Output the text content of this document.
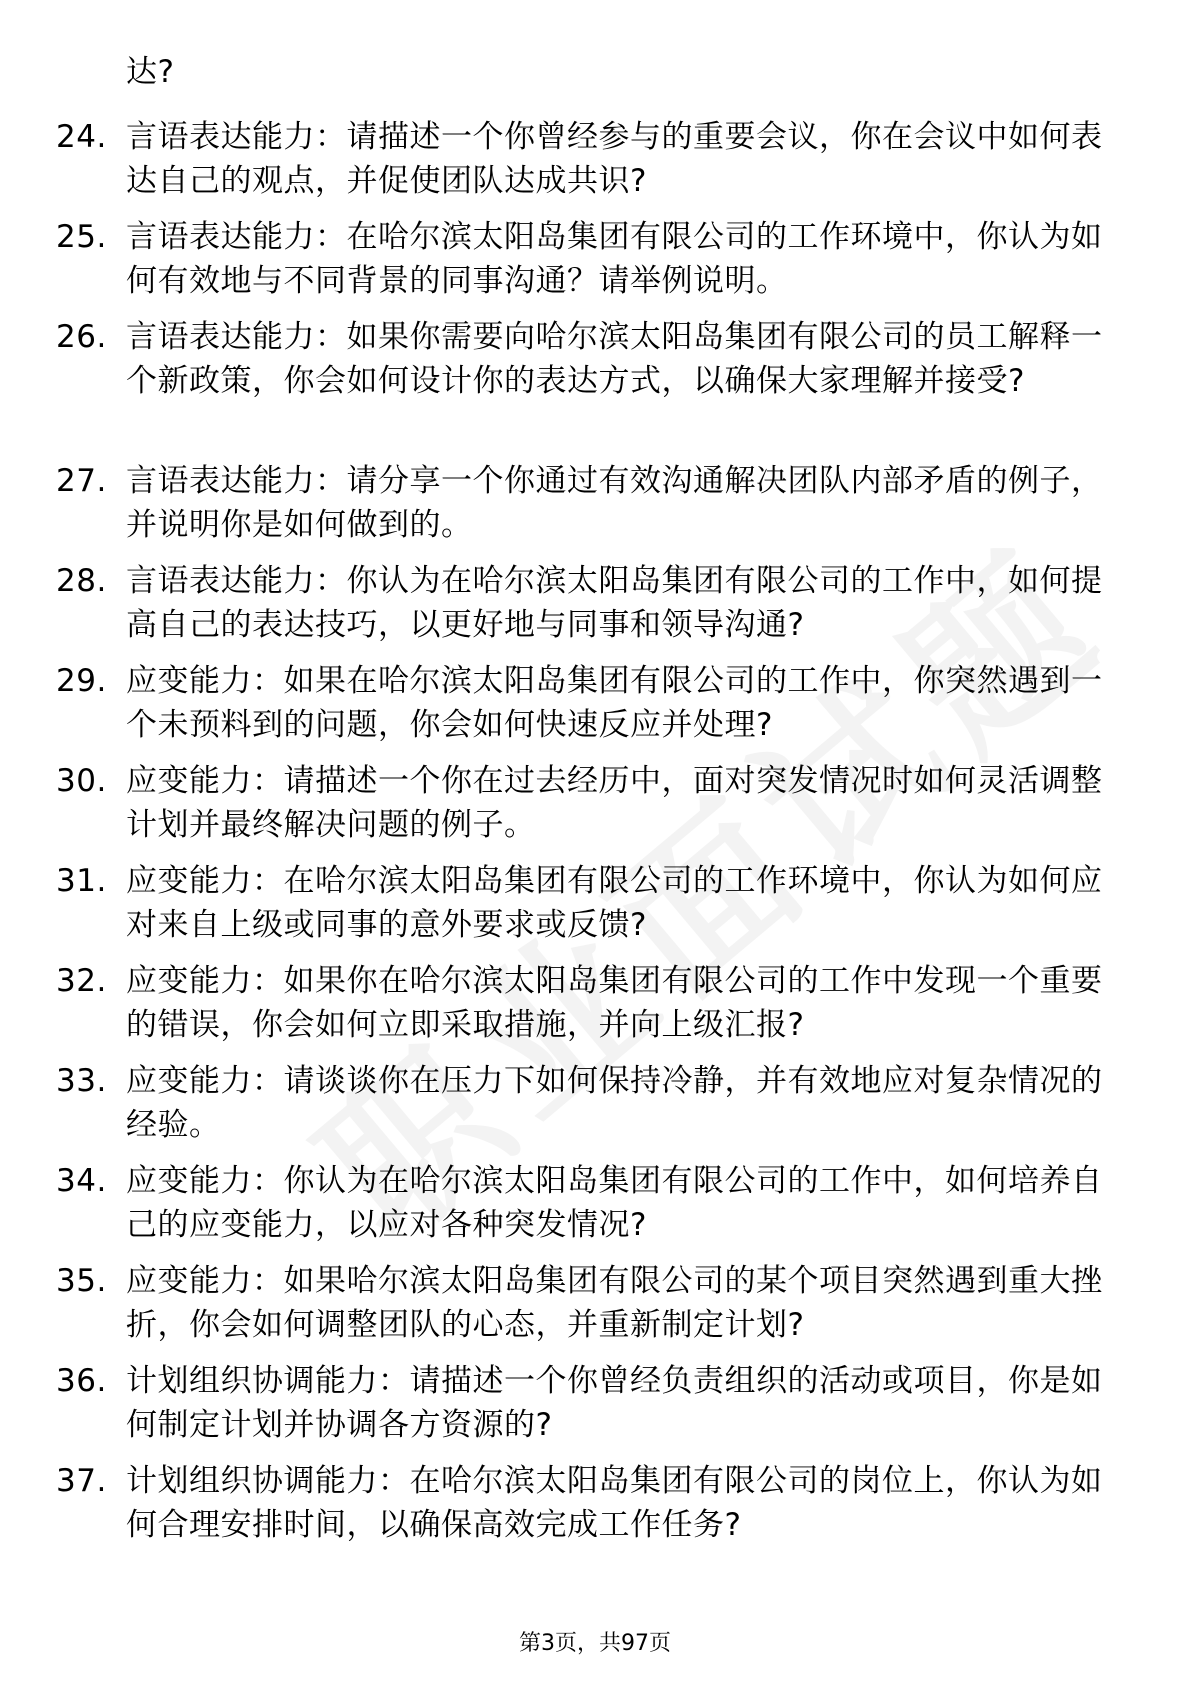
达?
24. 言语表达能力：请描述一个你曾经参与的重要会议，你在会议中如何表达自己的观点，并促使团队达成共识?
25. 言语表达能力：在哈尔滨太阳岛集团有限公司的工作环境中，你认为如何有效地与不同背景的同事沟通？请举例说明。
26. 言语表达能力：如果你需要向哈尔滨太阳岛集团有限公司的员工解释一个新政策，你会如何设计你的表达方式，以确保大家理解并接受?
27. 言语表达能力：请分享一个你通过有效沟通解决团队内部矛盾的例子，并说明你是如何做到的。
28. 言语表达能力：你认为在哈尔滨太阳岛集团有限公司的工作中，如何提高自己的表达技巧，以更好地与同事和领导沟通?
29. 应变能力：如果在哈尔滨太阳岛集团有限公司的工作中，你突然遇到一个未预料到的问题，你会如何快速反应并处理?
30. 应变能力：请描述一个你在过去经历中，面对突发情况时如何灵活调整计划并最终解决问题的例子。
31. 应变能力：在哈尔滨太阳岛集团有限公司的工作环境中，你认为如何应对来自上级或同事的意外要求或反馈?
32. 应变能力：如果你在哈尔滨太阳岛集团有限公司的工作中发现一个重要的错误，你会如何立即采取措施，并向上级汇报?
33. 应变能力：请谈谈你在压力下如何保持冷静，并有效地应对复杂情况的经验。
34. 应变能力：你认为在哈尔滨太阳岛集团有限公司的工作中，如何培养自己的应变能力，以应对各种突发情况?
35. 应变能力：如果哈尔滨太阳岛集团有限公司的某个项目突然遇到重大挫折，你会如何调整团队的心态，并重新制定计划?
36. 计划组织协调能力：请描述一个你曾经负责组织的活动或项目，你是如何制定计划并协调各方资源的?
37. 计划组织协调能力：在哈尔滨太阳岛集团有限公司的岗位上，你认为如何合理安排时间，以确保高效完成工作任务?
第3页，共97页
